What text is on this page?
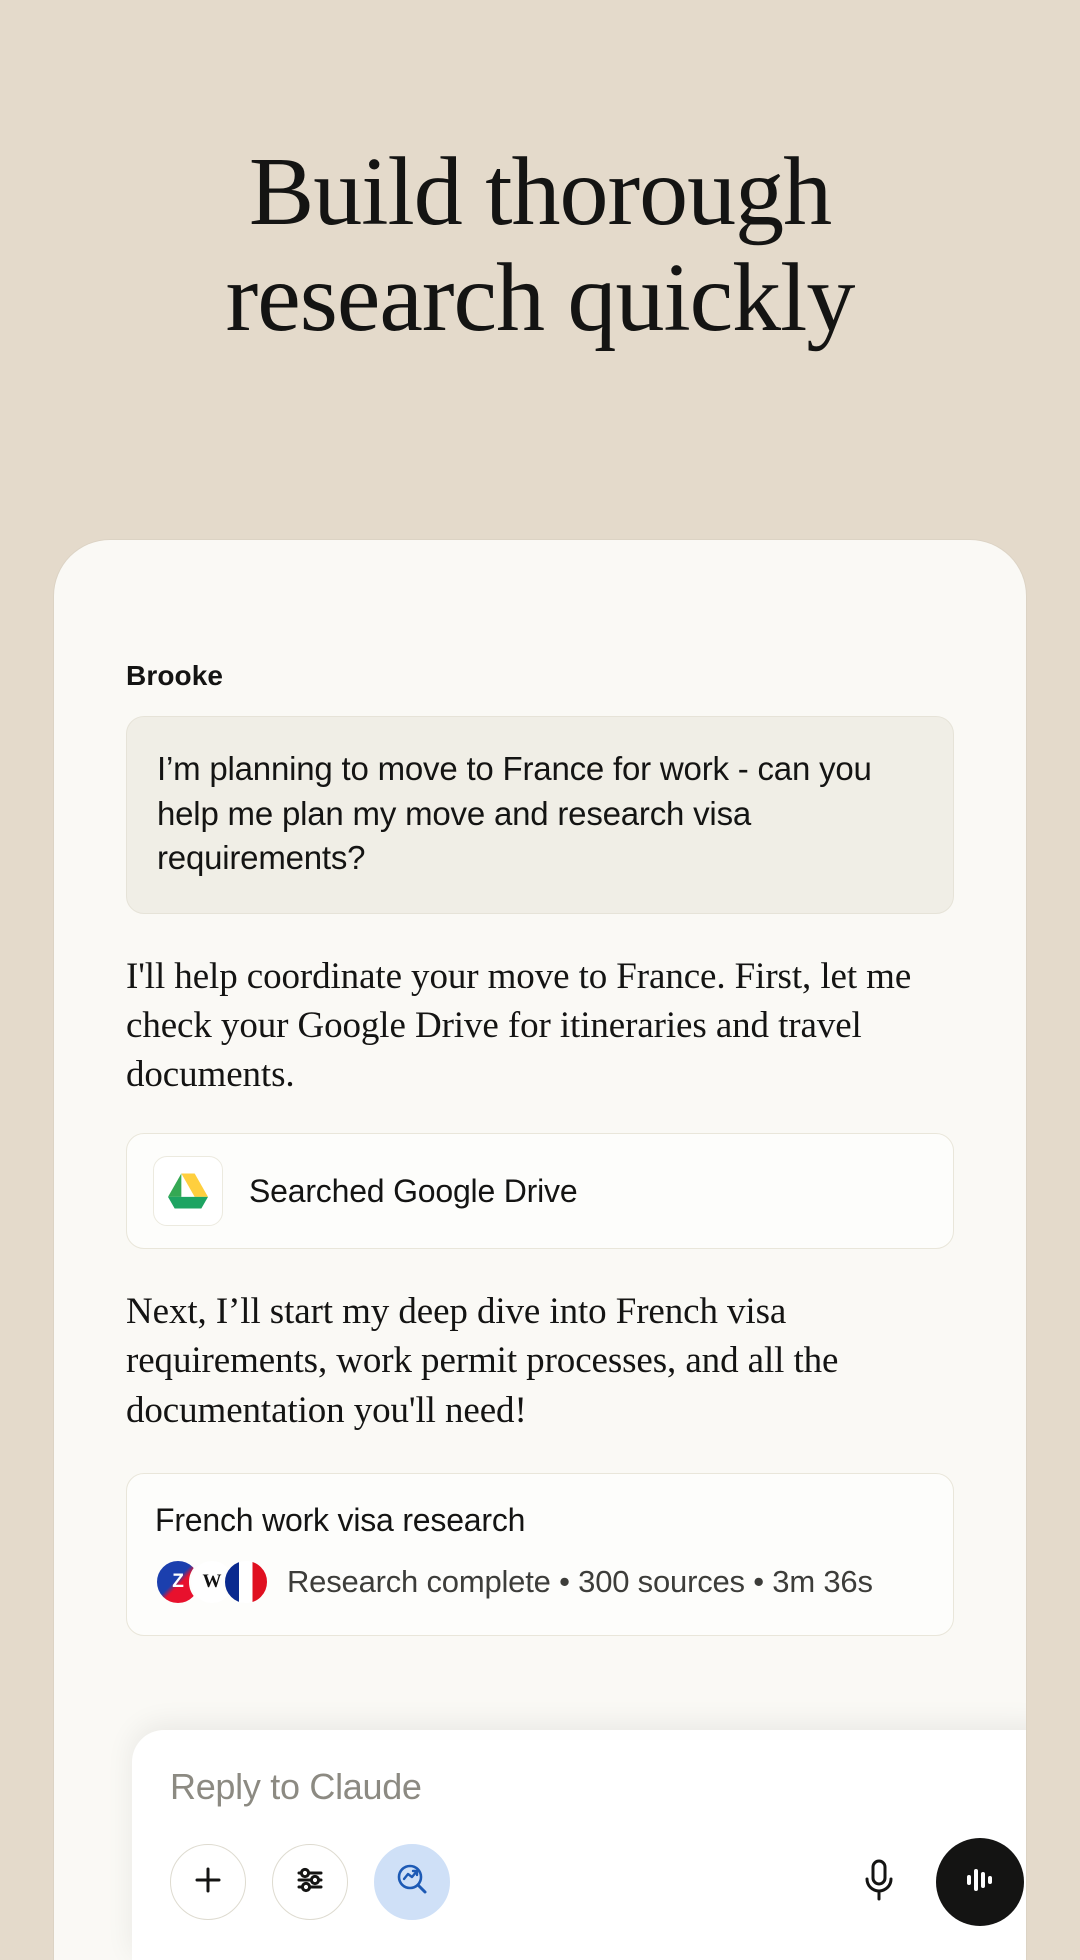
Build thorough
research quickly
Brooke
I’m planning to move to France for work - can you help me plan my move and research visa requirements?
I'll help coordinate your move to France. First, let me check your Google Drive for itineraries and travel documents.
Searched Google Drive
Next, I’ll start my deep dive into French visa requirements, work permit processes, and all the documentation you'll need!
French work visa research
Z W	Research complete • 300 sources • 3m 36s
Reply to Claude
